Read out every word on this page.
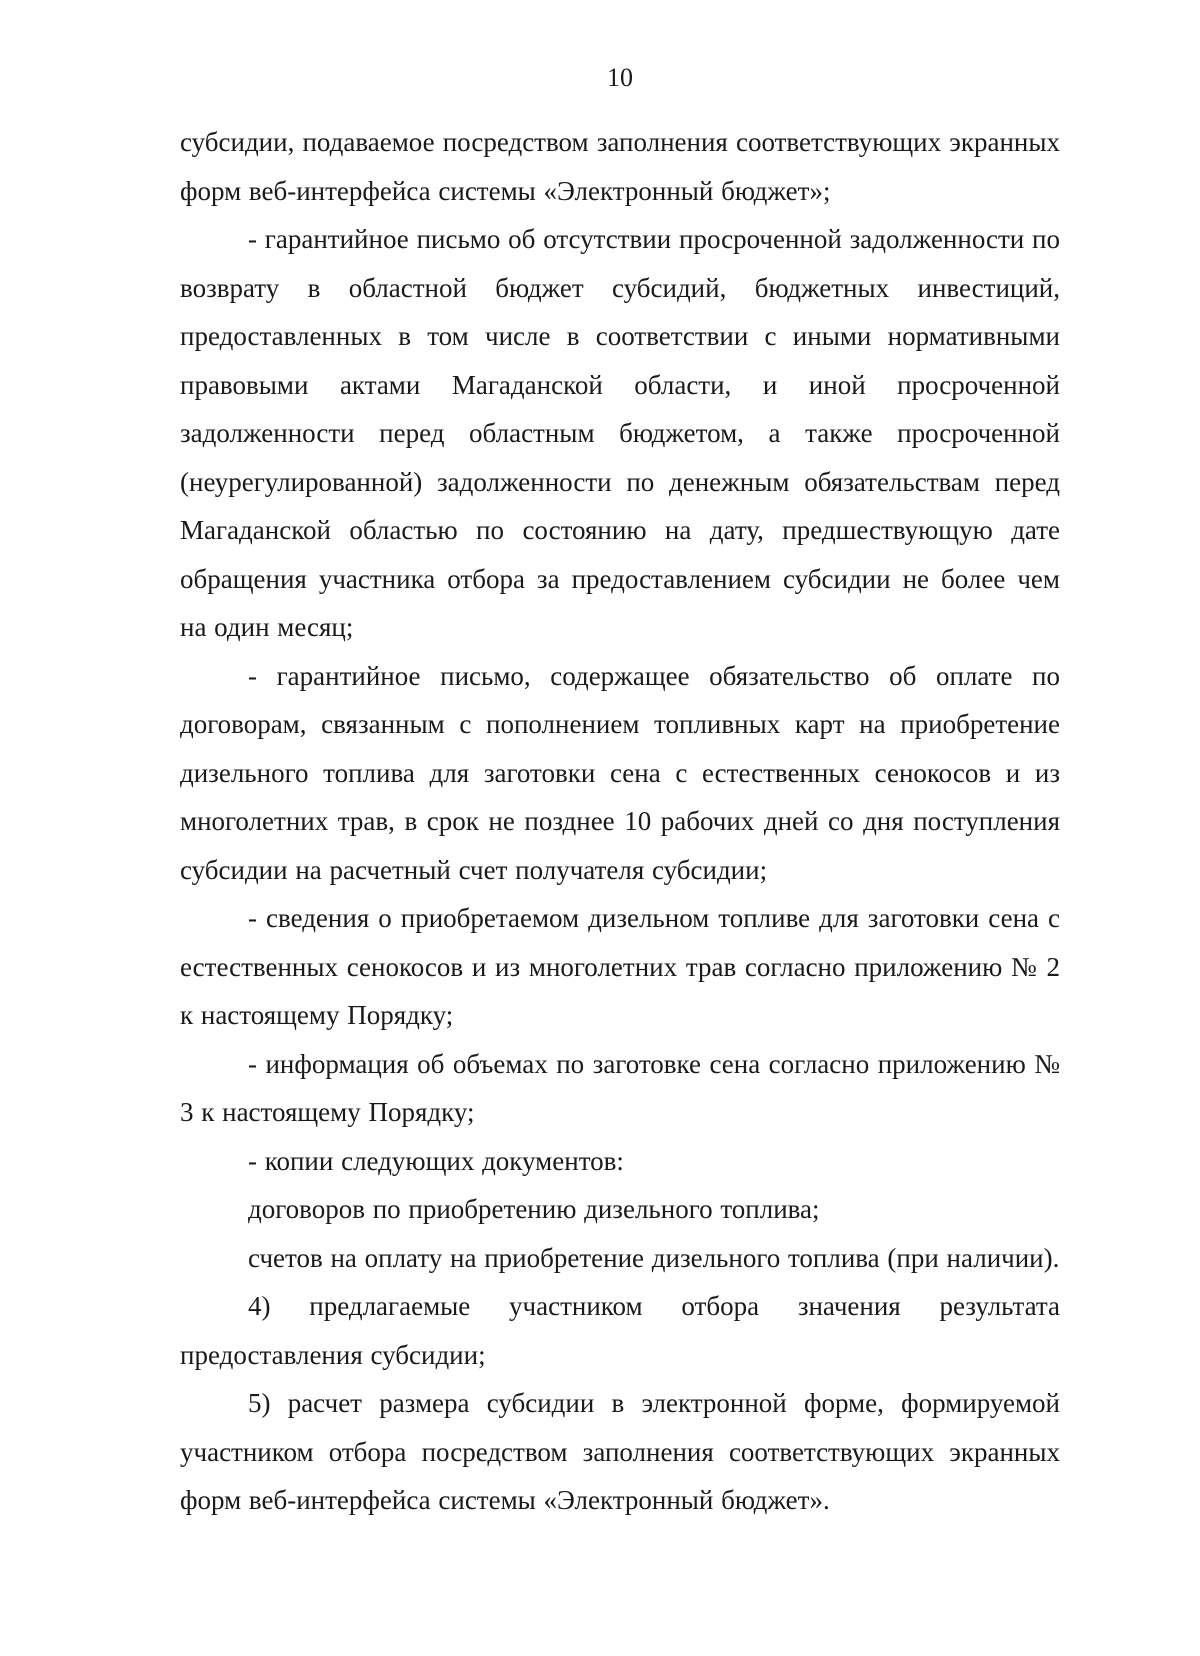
10

субсидии, подаваемое посредством заполнения соответствующих экранных форм веб-интерфейса системы «Электронный бюджет»;

- гарантийное письмо об отсутствии просроченной задолженности по возврату в областной бюджет субсидий, бюджетных инвестиций, предоставленных в том числе в соответствии с иными нормативными правовыми актами Магаданской области, и иной просроченной задолженности перед областным бюджетом, а также просроченной (неурегулированной) задолженности по денежным обязательствам перед Магаданской областью по состоянию на дату, предшествующую дате обращения участника отбора за предоставлением субсидии не более чем на один месяц;

- гарантийное письмо, содержащее обязательство об оплате по договорам, связанным с пополнением топливных карт на приобретение дизельного топлива для заготовки сена с естественных сенокосов и из многолетних трав, в срок не позднее 10 рабочих дней со дня поступления субсидии на расчетный счет получателя субсидии;

- сведения о приобретаемом дизельном топливе для заготовки сена с естественных сенокосов и из многолетних трав согласно приложению № 2 к настоящему Порядку;

- информация об объемах по заготовке сена согласно приложению № 3 к настоящему Порядку;

- копии следующих документов:

договоров по приобретению дизельного топлива;

счетов на оплату на приобретение дизельного топлива (при наличии).

4) предлагаемые участником отбора значения результата предоставления субсидии;

5) расчет размера субсидии в электронной форме, формируемой участником отбора посредством заполнения соответствующих экранных форм веб-интерфейса системы «Электронный бюджет».
